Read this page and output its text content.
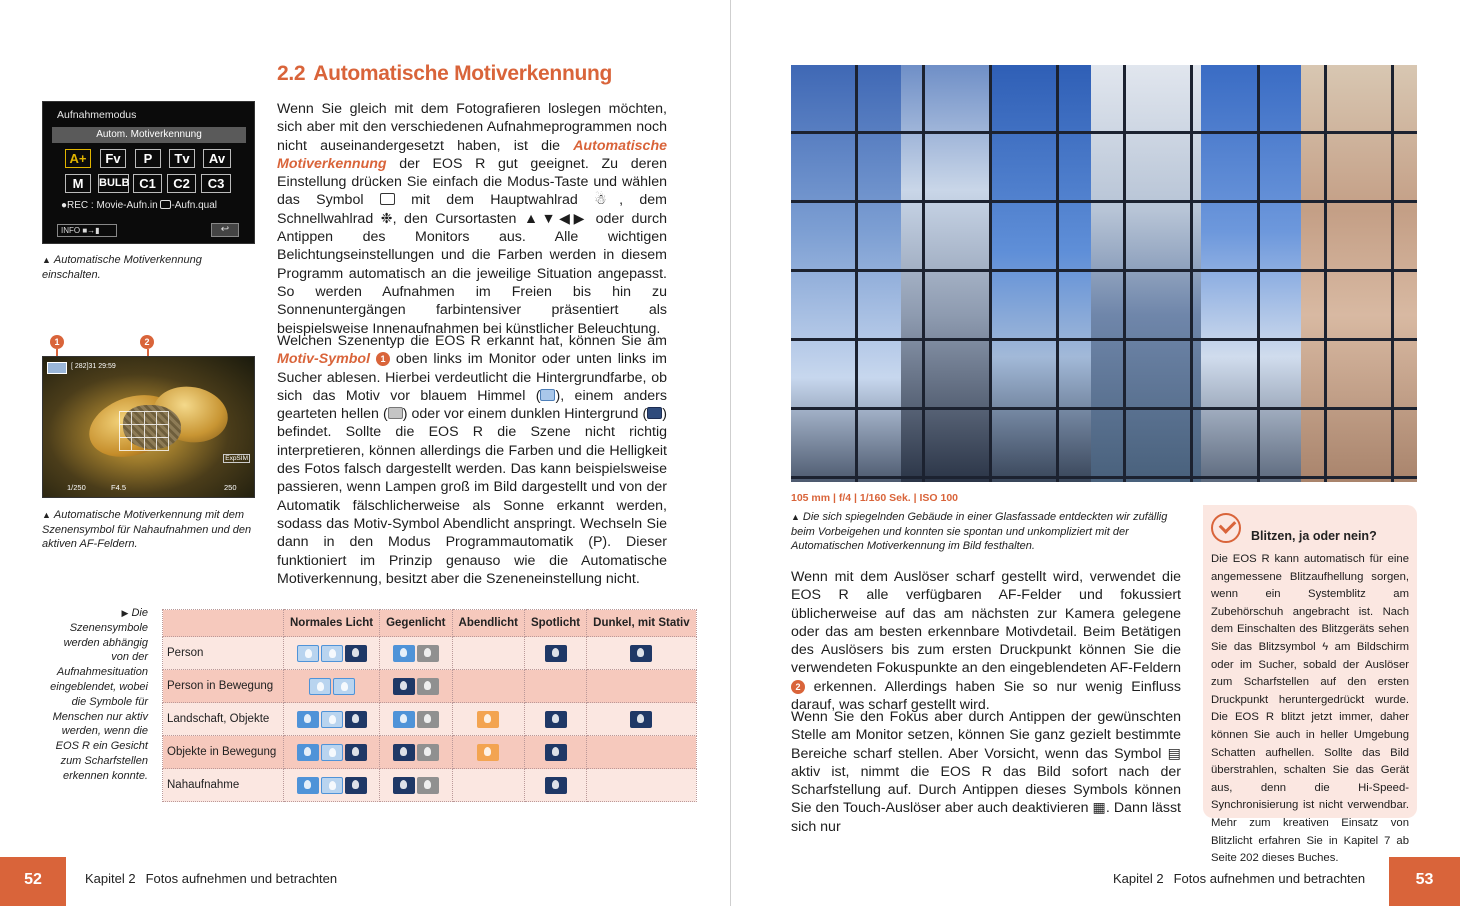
2.2 Automatische Motiverkennung
Wenn Sie gleich mit dem Fotografieren loslegen möchten, sich aber mit den verschiedenen Aufnahmeprogrammen noch nicht auseinandergesetzt haben, ist die Automatische Motiverkennung der EOS R gut geeignet. Zu deren Einstellung drücken Sie einfach die Modus-Taste und wählen das Symbol  mit dem Hauptwahlrad ☃, dem Schnellwahlrad ❉, den Cursortasten ▲▼◀▶ oder durch Antippen des Monitors aus. Alle wichtigen Belichtungseinstellungen und die Farben werden in diesem Programm automatisch an die jeweilige Situation angepasst. So werden Aufnahmen im Freien bis hin zu Sonnenuntergängen farbintensiver präsentiert als beispielsweise Innenaufnahmen bei künstlicher Beleuchtung.
Welchen Szenentyp die EOS R erkannt hat, können Sie am Motiv-Symbol 1 oben links im Monitor oder unten links im Sucher ablesen. Hierbei verdeutlicht die Hintergrundfarbe, ob sich das Motiv vor blauem Himmel ( ), einem anders gearteten hellen ( ) oder vor einem dunklen Hintergrund ( ) befindet. Sollte die EOS R die Szene nicht richtig interpretieren, können allerdings die Farben und die Helligkeit des Fotos falsch dargestellt werden. Das kann beispielsweise passieren, wenn Lampen groß im Bild dargestellt und von der Automatik fälschlicherweise als Sonne erkannt werden, sodass das Motiv-Symbol Abendlicht anspringt. Wechseln Sie dann in den Modus Programmautomatik (P). Dieser funktioniert im Prinzip genauso wie die Automatische Motiverkennung, besitzt aber die Szeneneinstellung nicht.
Aufnahmemodus
Autom. Motiverkennung
A+	Fv	P	Tv	Av
M	BULB C1	C2	C3
●REC : Movie-Aufn.in -Aufn.qual
INFO ■→▮	↩
▲ Automatische Motiverkennung einschalten.
1	2
[ 282]31 29:59
ExpSIM
1/250	F4.5	250
▲ Automatische Motiverkennung mit dem Szenensymbol für Nahaufnahmen und den aktiven AF-Feldern.
▶ Die Szenensymbole werden abhängig von der Aufnahmesituation eingeblendet, wobei die Symbole für Menschen nur aktiv werden, wenn die EOS R ein Gesicht zum Scharfstellen erkennen konnte.
	Normales Licht	Gegenlicht	Abendlicht	Spotlicht	Dunkel, mit Stativ
Person					
Person in Bewegung					
Landschaft, Objekte					
Objekte in Bewegung					
Nahaufnahme					
52	Kapitel 2 Fotos aufnehmen und betrachten
105 mm | f/4 | 1/160 Sek. | ISO 100
▲ Die sich spiegelnden Gebäude in einer Glasfassade entdeckten wir zufällig beim Vorbeigehen und konnten sie spontan und unkompliziert mit der Automatischen Motiverkennung im Bild festhalten.
Wenn mit dem Auslöser scharf gestellt wird, verwendet die EOS R alle verfügbaren AF-Felder und fokussiert üblicherweise auf das am nächsten zur Kamera gelegene oder das am besten erkennbare Motivdetail. Beim Betätigen des Auslösers bis zum ersten Druckpunkt können Sie die verwendeten Fokuspunkte an den eingeblendeten AF-Feldern 2 erkennen. Allerdings haben Sie so nur wenig Einfluss darauf, was scharf gestellt wird.
Wenn Sie den Fokus aber durch Antippen der gewünschten Stelle am Monitor setzen, können Sie ganz gezielt bestimmte Bereiche scharf stellen. Aber Vorsicht, wenn das Symbol ▤ aktiv ist, nimmt die EOS R das Bild sofort nach der Scharfstellung auf. Durch Antippen dieses Symbols können Sie den Touch-Auslöser aber auch deaktivieren ▦. Dann lässt sich nur
Blitzen, ja oder nein?
Die EOS R kann automatisch für eine angemessene Blitzaufhellung sorgen, wenn ein Systemblitz am Zubehörschuh angebracht ist. Nach dem Einschalten des Blitzgeräts sehen Sie das Blitzsymbol ϟ am Bildschirm oder im Sucher, sobald der Auslöser zum Scharfstellen auf den ersten Druckpunkt heruntergedrückt wurde. Die EOS R blitzt jetzt immer, daher können Sie auch in heller Umgebung Schatten aufhellen. Sollte das Bild überstrahlen, schalten Sie das Gerät aus, denn die Hi-Speed-Synchronisierung ist nicht verwendbar. Mehr zum kreativen Einsatz von Blitzlicht erfahren Sie in Kapitel 7 ab Seite 202 dieses Buches.
Kapitel 2 Fotos aufnehmen und betrachten	53
